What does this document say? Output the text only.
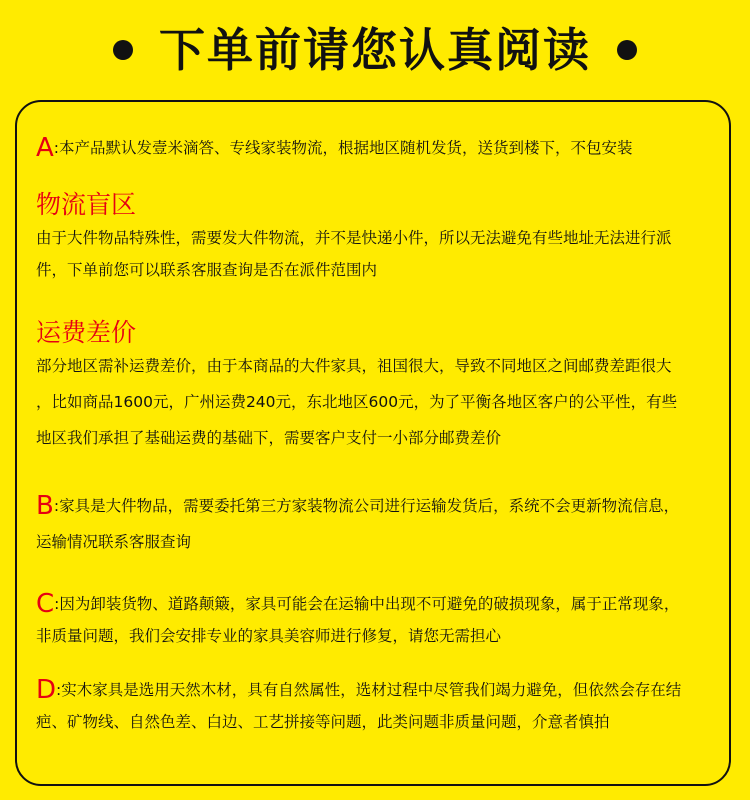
下单前请您认真阅读
A:本产品默认发壹米滴答、专线家装物流，根据地区随机发货，送货到楼下，不包安装
物流盲区
由于大件物品特殊性，需要发大件物流，并不是快递小件，所以无法避免有些地址无法进行派
件，下单前您可以联系客服查询是否在派件范围内
运费差价
部分地区需补运费差价，由于本商品的大件家具，祖国很大，导致不同地区之间邮费差距很大
，比如商品1600元，广州运费240元，东北地区600元，为了平衡各地区客户的公平性，有些
地区我们承担了基础运费的基础下，需要客户支付一小部分邮费差价
B:家具是大件物品，需要委托第三方家装物流公司进行运输发货后，系统不会更新物流信息，
运输情况联系客服查询
C:因为卸装货物、道路颠簸，家具可能会在运输中出现不可避免的破损现象，属于正常现象，
非质量问题，我们会安排专业的家具美容师进行修复，请您无需担心
D:实木家具是选用天然木材，具有自然属性，选材过程中尽管我们竭力避免，但依然会存在结
疤、矿物线、自然色差、白边、工艺拼接等问题，此类问题非质量问题，介意者慎拍
